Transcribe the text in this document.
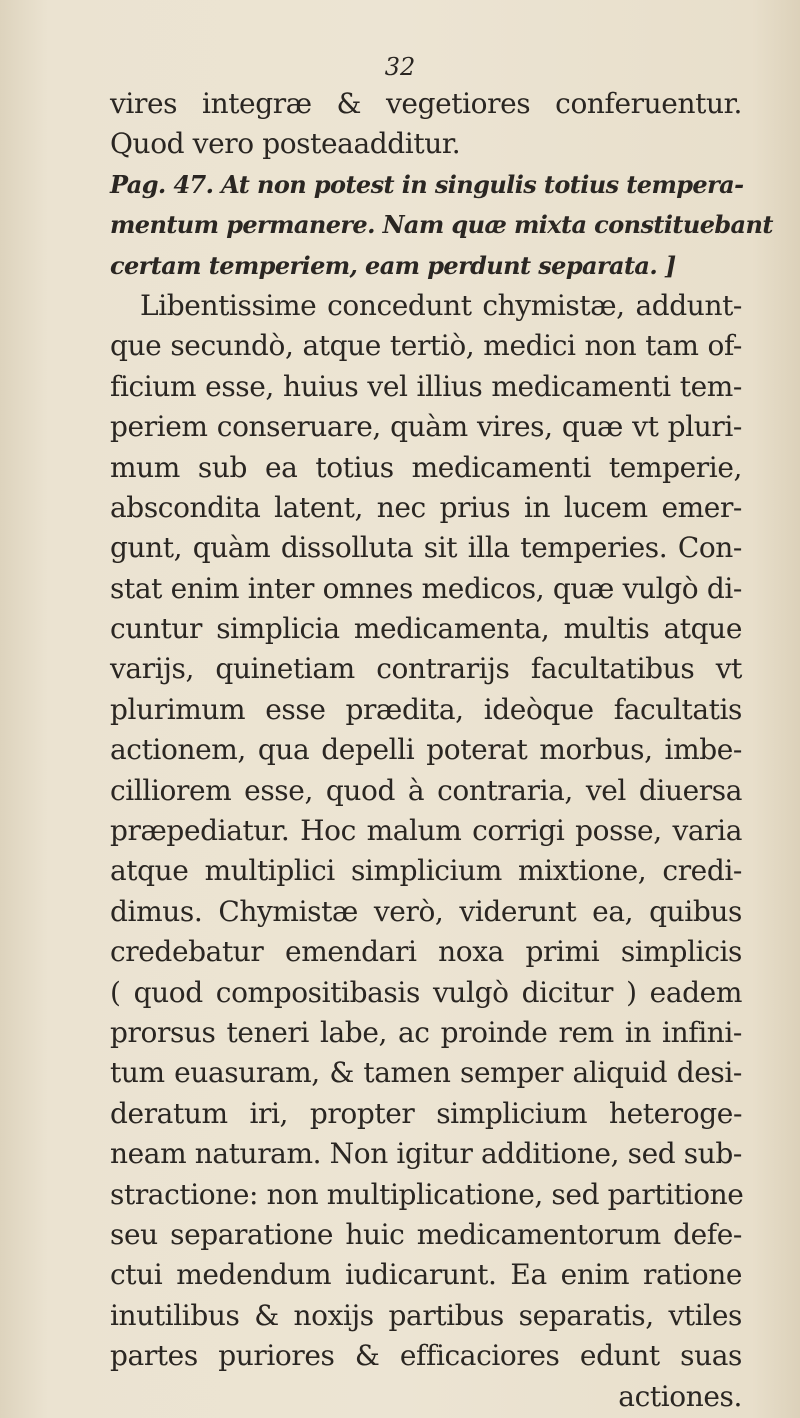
32
vires integræ & vegetiores conferuentur.
Quod vero posteaadditur.
Pag. 47. At non potest in singulis totius tempera-
mentum permanere. Nam quæ mixta constituebant
certam temperiem, eam perdunt separata. ]
Libentissime concedunt chymistæ, addunt-
que secundò, atque tertiò, medici non tam of-
ficium esse, huius vel illius medicamenti tem-
periem conseruare, quàm vires, quæ vt pluri-
mum sub ea totius medicamenti temperie,
abscondita latent, nec prius in lucem emer-
gunt, quàm dissolluta sit illa temperies. Con-
stat enim inter omnes medicos, quæ vulgò di-
cuntur simplicia medicamenta, multis atque
varijs, quinetiam contrarijs facultatibus vt
plurimum esse prædita, ideòque facultatis
actionem, qua depelli poterat morbus, imbe-
cilliorem esse, quod à contraria, vel diuersa
præpediatur. Hoc malum corrigi posse, varia
atque multiplici simplicium mixtione, credi-
dimus. Chymistæ verò, viderunt ea, quibus
credebatur emendari noxa primi simplicis
( quod compositibasis vulgò dicitur ) eadem
prorsus teneri labe, ac proinde rem in infini-
tum euasuram, & tamen semper aliquid desi-
deratum iri, propter simplicium heteroge-
neam naturam. Non igitur additione, sed sub-
stractione: non multiplicatione, sed partitione
seu separatione huic medicamentorum defe-
ctui medendum iudicarunt. Ea enim ratione
inutilibus & noxijs partibus separatis, vtiles
partes puriores & efficaciores edunt suas
actiones.
